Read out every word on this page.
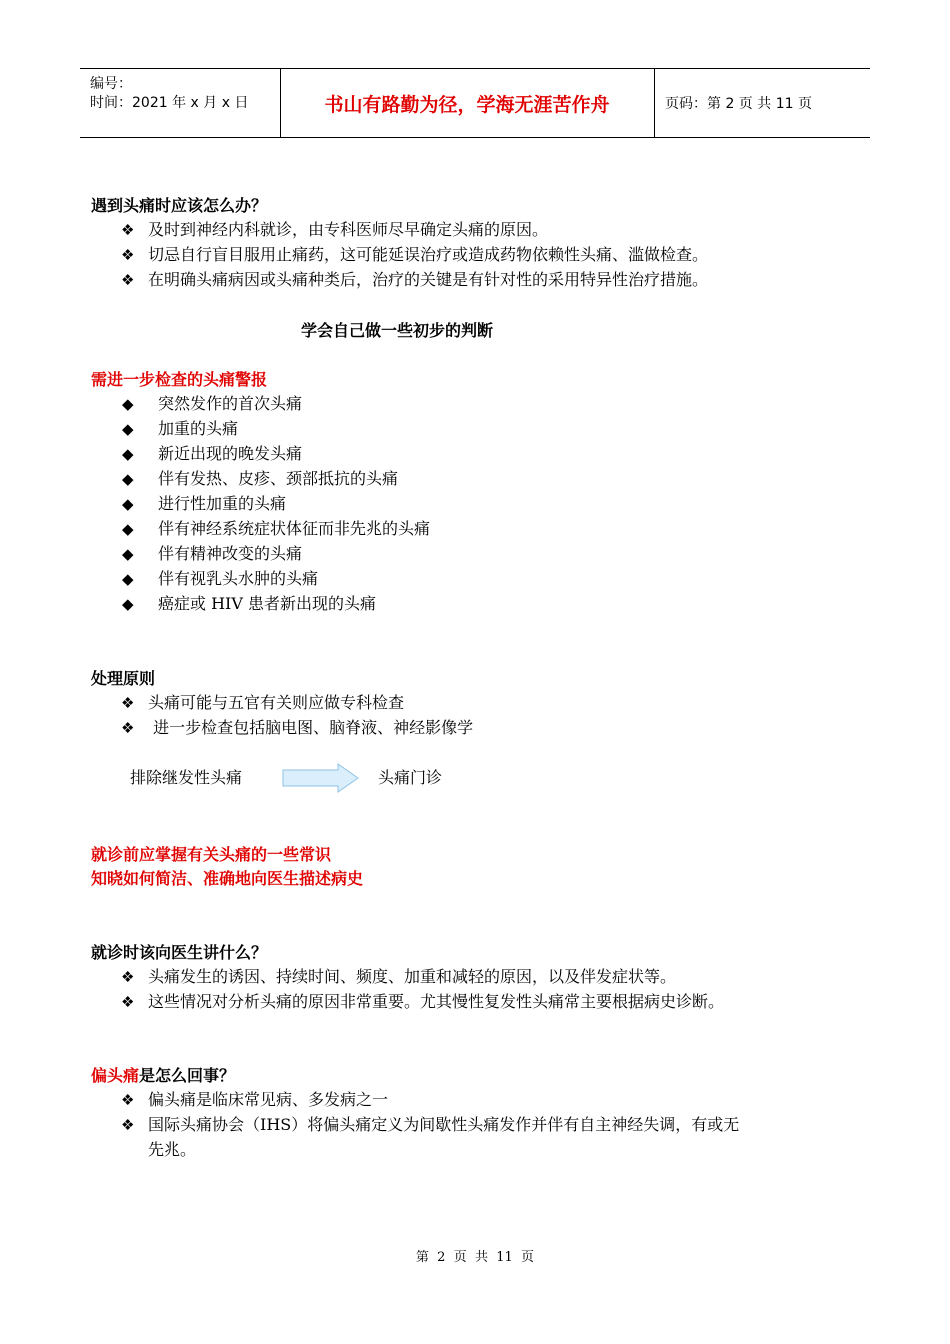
编号：
时间：2021 年 x 月 x 日	书山有路勤为径，学海无涯苦作舟	页码：第 2 页 共 11 页
遇到头痛时应该怎么办？
❖ 及时到神经内科就诊，由专科医师尽早确定头痛的原因。
❖ 切忌自行盲目服用止痛药，这可能延误治疗或造成药物依赖性头痛、滥做检查。
❖ 在明确头痛病因或头痛种类后，治疗的关键是有针对性的采用特异性治疗措施。
学会自己做一些初步的判断
需进一步检查的头痛警报
◆ 突然发作的首次头痛
◆ 加重的头痛
◆ 新近出现的晚发头痛
◆ 伴有发热、皮疹、颈部抵抗的头痛
◆ 进行性加重的头痛
◆ 伴有神经系统症状体征而非先兆的头痛
◆ 伴有精神改变的头痛
◆ 伴有视乳头水肿的头痛
◆ 癌症或 HIV 患者新出现的头痛
处理原则
❖ 头痛可能与五官有关则应做专科检查
❖ 进一步检查包括脑电图、脑脊液、神经影像学
排除继发性头痛	头痛门诊
就诊前应掌握有关头痛的一些常识
知晓如何简洁、准确地向医生描述病史
就诊时该向医生讲什么？
❖ 头痛发生的诱因、持续时间、频度、加重和减轻的原因，以及伴发症状等。
❖ 这些情况对分析头痛的原因非常重要。尤其慢性复发性头痛常主要根据病史诊断。
偏头痛是怎么回事？
❖ 偏头痛是临床常见病、多发病之一
❖ 国际头痛协会（IHS）将偏头痛定义为间歇性头痛发作并伴有自主神经失调，有或无
先兆。
第  2  页  共  11  页
